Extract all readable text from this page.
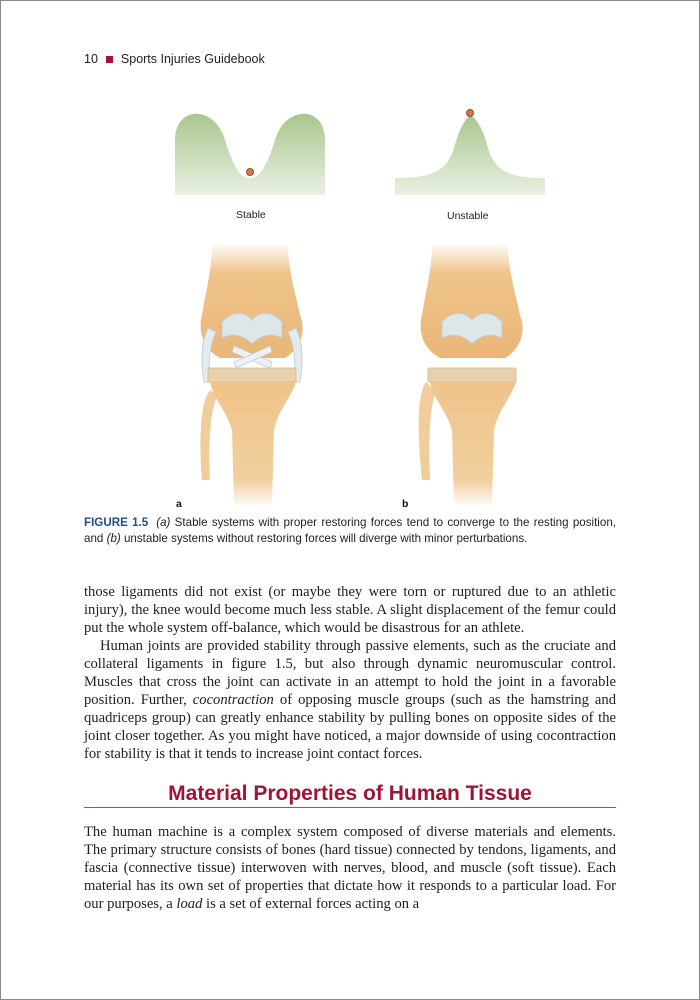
10 Sports Injuries Guidebook
Stable	Unstable
a	b
FIGURE 1.5 (a) Stable systems with proper restoring forces tend to converge to the resting position, and (b) unstable systems without restoring forces will diverge with minor perturbations.

those ligaments did not exist (or maybe they were torn or ruptured due to an athletic injury), the knee would become much less stable. A slight displacement of the femur could put the whole system off-balance, which would be disastrous for an athlete.

Human joints are provided stability through passive elements, such as the cruciate and collateral ligaments in figure 1.5, but also through dynamic neuromuscular control. Muscles that cross the joint can activate in an attempt to hold the joint in a favorable position. Further, cocontraction of opposing muscle groups (such as the hamstring and quadriceps group) can greatly enhance stability by pulling bones on opposite sides of the joint closer together. As you might have noticed, a major downside of using cocontraction for stability is that it tends to increase joint contact forces.

Material Properties of Human Tissue

The human machine is a complex system composed of diverse materials and elements. The primary structure consists of bones (hard tissue) connected by tendons, ligaments, and fascia (connective tissue) interwoven with nerves, blood, and muscle (soft tissue). Each material has its own set of properties that dictate how it responds to a particular load. For our purposes, a load is a set of external forces acting on a
